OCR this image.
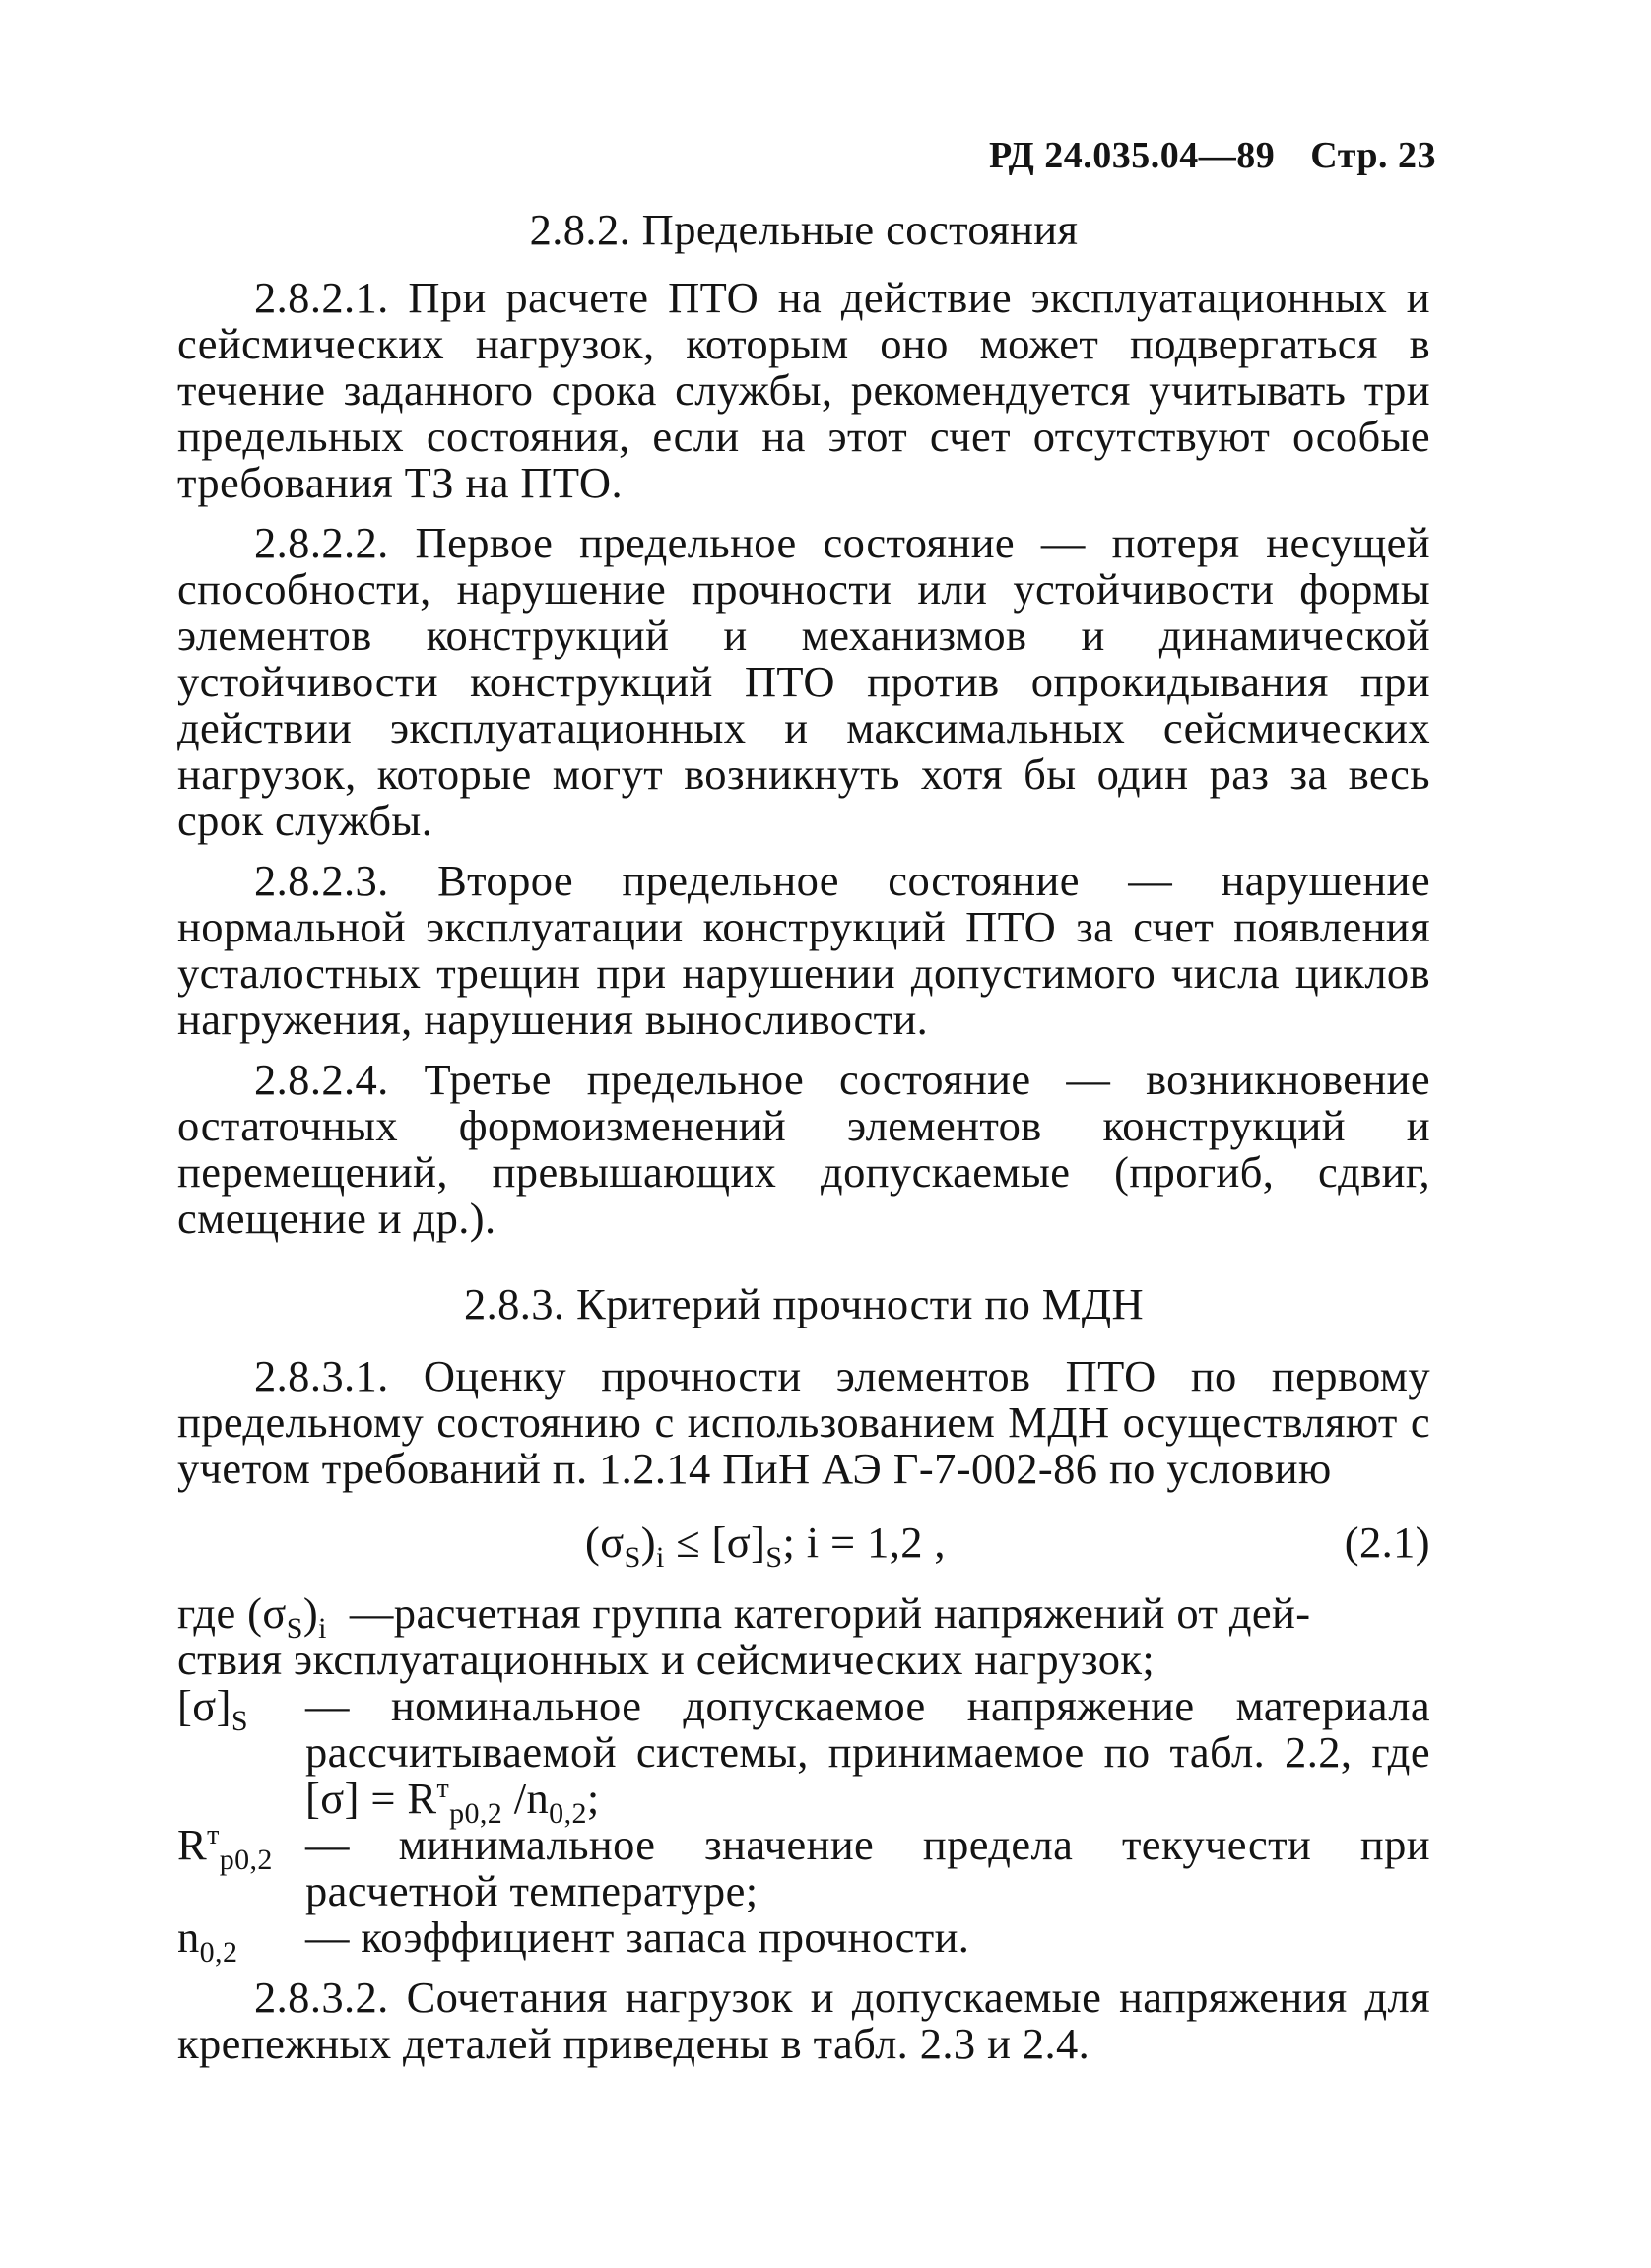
РД 24.035.04—89 Стр. 23
2.8.2. Предельные состояния

2.8.2.1. При расчете ПТО на действие эксплуатационных и сейсмических нагрузок, которым оно может подвергаться в течение заданного срока службы, рекомендуется учитывать три предельных состояния, если на этот счет отсутствуют особые требования ТЗ на ПТО.

2.8.2.2. Первое предельное состояние — потеря несущей способности, нарушение прочности или устойчивости формы элементов конструкций и механизмов и динамической устойчивости конструкций ПТО против опрокидывания при действии эксплуатационных и максимальных сейсмических нагрузок, которые могут возникнуть хотя бы один раз за весь срок службы.

2.8.2.3. Второе предельное состояние — нарушение нормальной эксплуатации конструкций ПТО за счет появления усталостных трещин при нарушении допустимого числа циклов нагружения, нарушения выносливости.

2.8.2.4. Третье предельное состояние — возникновение остаточных формоизменений элементов конструкций и перемещений, превышающих допускаемые (прогиб, сдвиг, смещение и др.).

2.8.3. Критерий прочности по МДН

2.8.3.1. Оценку прочности элементов ПТО по первому предельному состоянию с использованием МДН осуществляют с учетом требований п. 1.2.14 ПиН АЭ Г-7-002-86 по условию

$(\sigma_S)_i \le [\sigma]_S$; i = 1,2 ,	(2.1)
где $(\sigma_S)_i$ —расчетная группа категорий напряжений от дей-
ствия эксплуатационных и сейсмических нагрузок;
$[\sigma]_S$	— номинальное допускаемое напряжение материала рассчитываемой системы, принимаемое по табл. 2.2, где $[\sigma] = R^т_{p0,2}$ $/n_{0,2}$;
$R^т_{p0,2}$ — минимальное значение предела текучести при расчетной температуре;
$n_{0,2}$	— коэффициент запаса прочности.

2.8.3.2. Сочетания нагрузок и допускаемые напряжения для крепежных деталей приведены в табл. 2.3 и 2.4.
